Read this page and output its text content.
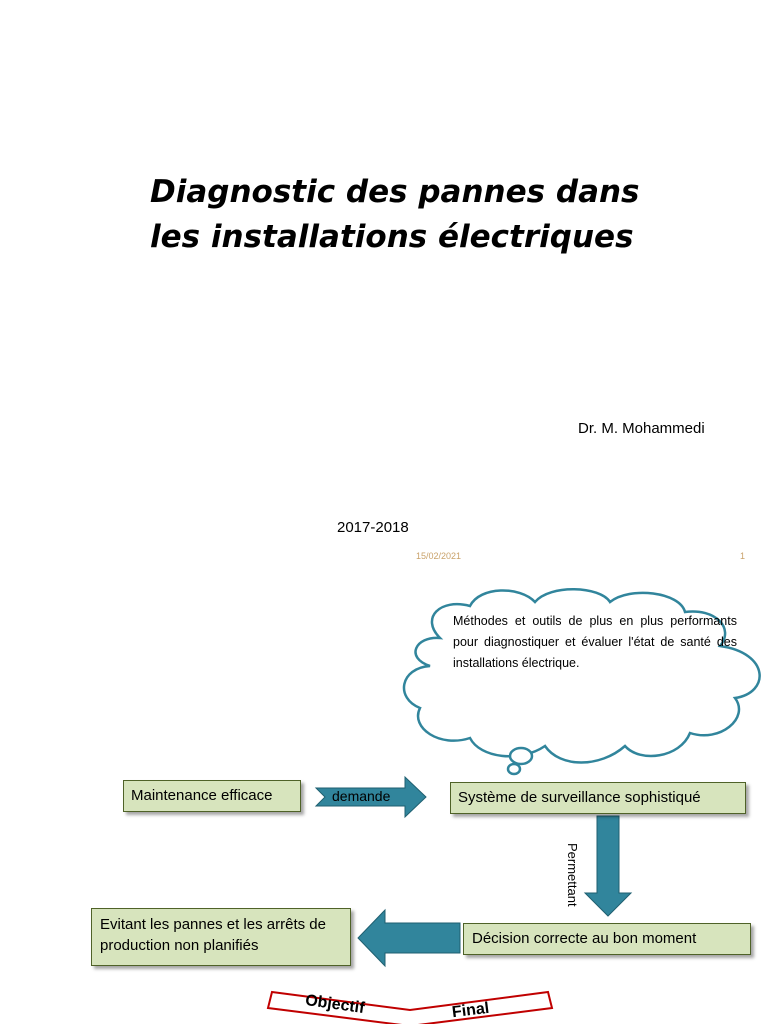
Diagnostic des pannes dans
les installations électriques
Dr. M. Mohammedi
2017-2018
15/02/2021	1
Méthodes et outils de plus en plus performants pour diagnostiquer et évaluer l'état de santé des installations électrique.
Maintenance efficace	demande	Système de surveillance sophistiqué
Permettant
Décision correcte au bon moment
Evitant les pannes et les arrêts de production non planifiés
Objectif	Final
